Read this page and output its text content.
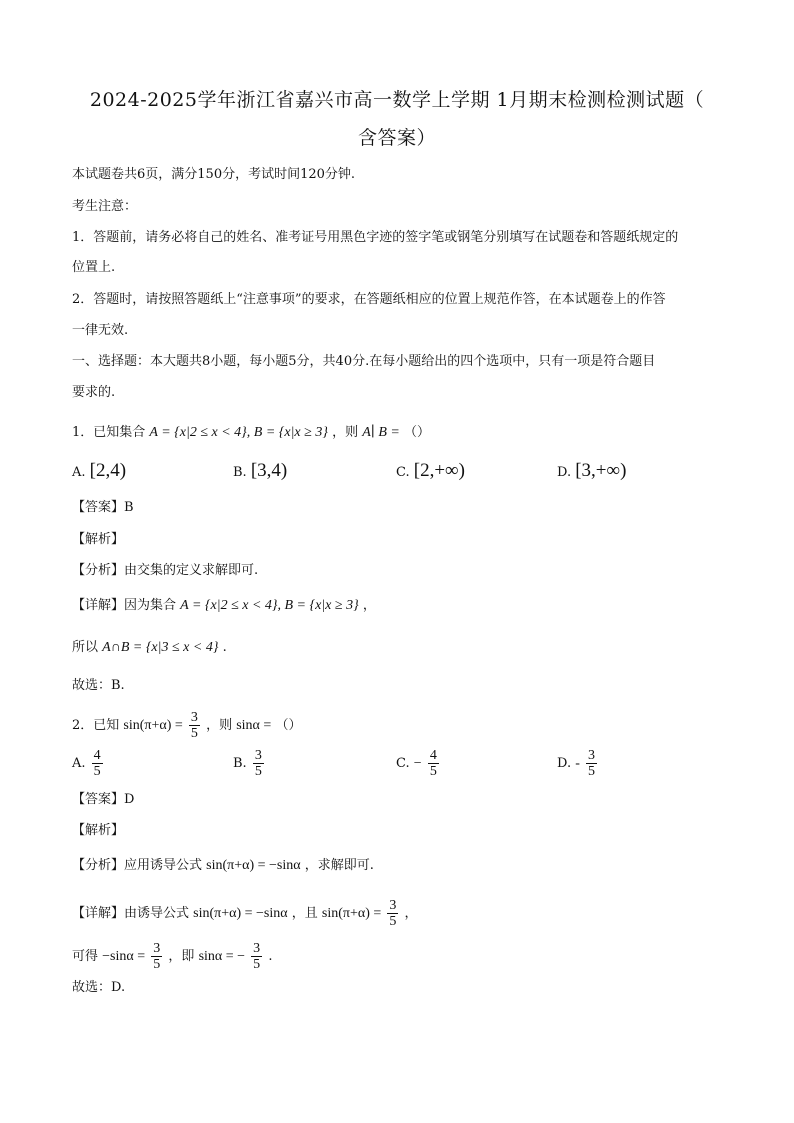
2024-2025学年浙江省嘉兴市高一数学上学期 1月期末检测检测试题（
含答案）
本试题卷共6页，满分150分，考试时间120分钟.
考生注意：
1．答题前，请务必将自己的姓名、准考证号用黑色字迹的签字笔或钢笔分别填写在试题卷和答题纸规定的
位置上.
2．答题时，请按照答题纸上“注意事项”的要求，在答题纸相应的位置上规范作答，在本试题卷上的作答
一律无效.
一、选择题：本大题共8小题，每小题5分，共40分.在每小题给出的四个选项中，只有一项是符合题目
要求的.
1．已知集合 A = {x|2 ≤ x < 4}, B = {x|x ≥ 3} ，则 A∣ B = （）
A. [2,4)	B. [3,4)	C. [2,+∞)	D. [3,+∞)
【答案】B
【解析】
【分析】由交集的定义求解即可.
【详解】因为集合 A = {x|2 ≤ x < 4}, B = {x|x ≥ 3} ，
所以 A∩B = {x|3 ≤ x < 4} .
故选：B.
2．已知 $\sin(\pi+\alpha) = \frac{3}{5}$ ，则 sinα = （）
A. $\frac{4}{5}$	B. $\frac{3}{5}$	C. − $\frac{4}{5}$	D. - $\frac{3}{5}$
【答案】D
【解析】
【分析】应用诱导公式 sin(π+α) = −sinα ，求解即可.
【详解】由诱导公式 sin(π+α) = −sinα ，且 $\sin(\pi+\alpha) = \frac{3}{5}$ ，
可得 $-\sin\alpha = \frac{3}{5}$ ，即 sinα = − $\frac{3}{5}$ .
故选：D.
